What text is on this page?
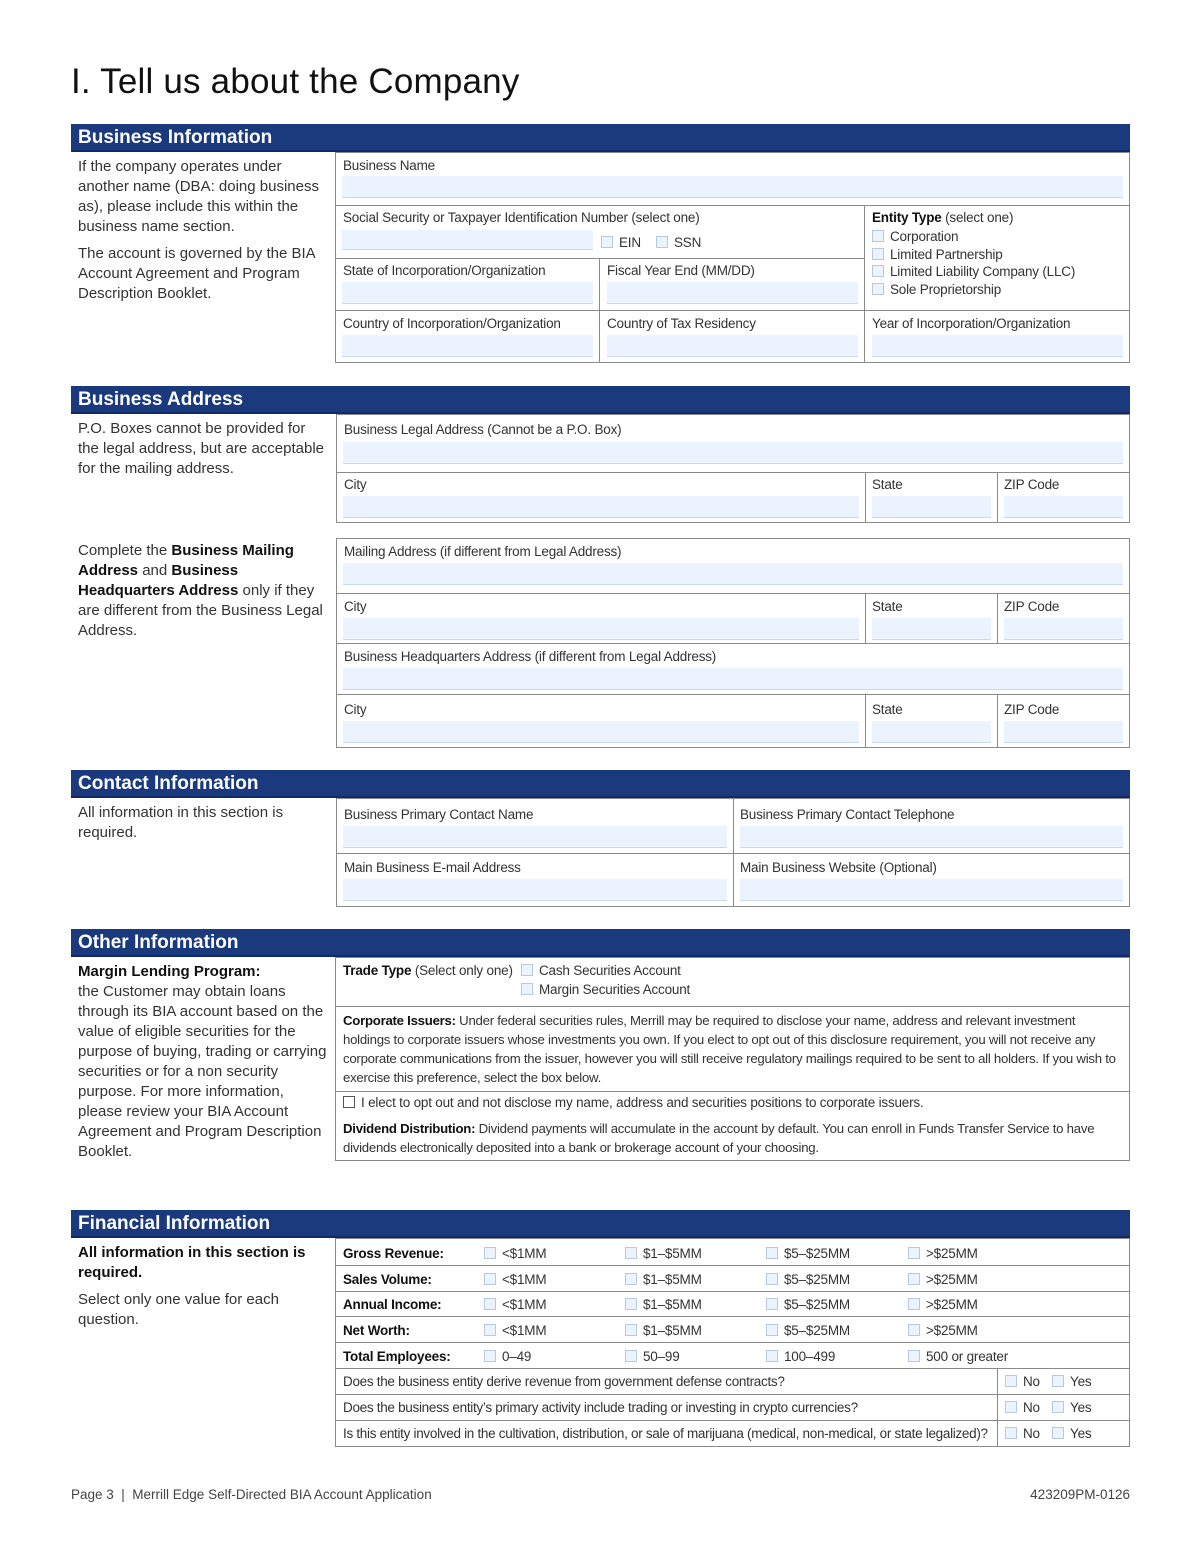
I. Tell us about the Company
Business Information

If the company operates under another name (DBA: doing business as), please include this within the business name section.

The account is governed by the BIA Account Agreement and Program Description Booklet.

Business Name
Social Security or Taxpayer Identification Number (select one)
EIN	SSN
Entity Type (select one)
Corporation
Limited Partnership
Limited Liability Company (LLC)
Sole Proprietorship
State of Incorporation/Organization	Fiscal Year End (MM/DD)
Country of Incorporation/Organization	Country of Tax Residency	Year of Incorporation/Organization
Business Address
P.O. Boxes cannot be provided for the legal address, but are acceptable for the mailing address.
Business Legal Address (Cannot be a P.O. Box)
City	State	ZIP Code
Complete the Business Mailing Address and Business Headquarters Address only if they are different from the Business Legal Address.
Mailing Address (if different from Legal Address)
City	State	ZIP Code
Business Headquarters Address (if different from Legal Address)
City	State	ZIP Code
Contact Information
All information in this section is required.
Business Primary Contact Name	Business Primary Contact Telephone
Main Business E-mail Address	Main Business Website (Optional)
Other Information
Margin Lending Program:
the Customer may obtain loans through its BIA account based on the value of eligible securities for the purpose of buying, trading or carrying securities or for a non security purpose. For more information, please review your BIA Account Agreement and Program Description Booklet.
Trade Type (Select only one)	Cash Securities Account
Margin Securities Account
Corporate Issuers: Under federal securities rules, Merrill may be required to disclose your name, address and relevant investment holdings to corporate issuers whose investments you own. If you elect to opt out of this disclosure requirement, you will not receive any corporate communications from the issuer, however you will still receive regulatory mailings required to be sent to all holders. If you wish to exercise this preference, select the box below.
I elect to opt out and not disclose my name, address and securities positions to corporate issuers.
Dividend Distribution: Dividend payments will accumulate in the account by default. You can enroll in Funds Transfer Service to have dividends electronically deposited into a bank or brokerage account of your choosing.
Financial Information

All information in this section is required.

Select only one value for each question.

Gross Revenue:	<$1MM	$1–$5MM	$5–$25MM	>$25MM
Sales Volume:	<$1MM	$1–$5MM	$5–$25MM	>$25MM
Annual Income:	<$1MM	$1–$5MM	$5–$25MM	>$25MM
Net Worth:	<$1MM	$1–$5MM	$5–$25MM	>$25MM
Total Employees:	0–49	50–99	100–499	500 or greater
Does the business entity derive revenue from government defense contracts?	No	Yes
Does the business entity’s primary activity include trading or investing in crypto currencies?	No	Yes
Is this entity involved in the cultivation, distribution, or sale of marijuana (medical, non-medical, or state legalized)?	No	Yes
Page 3  |  Merrill Edge Self-Directed BIA Account Application	423209PM-0126
